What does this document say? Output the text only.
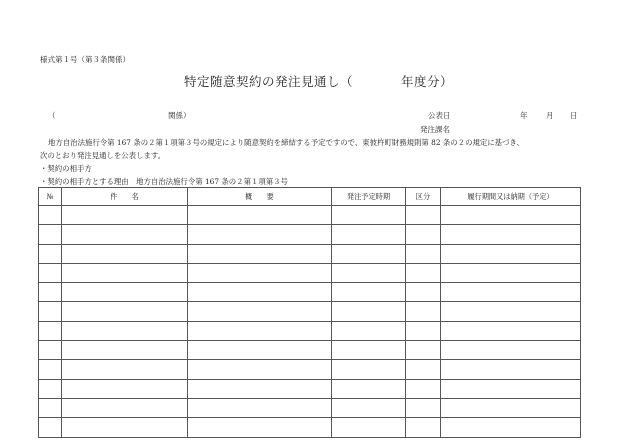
様式第１号（第３条関係）
特定随意契約の発注見通し（	年度分）
（	関係）	公表日	年 月 日
発注課名
地方自治法施行令第 167 条の２第１項第３号の規定により随意契約を締結する予定ですので、東彼杵町財務規則第 82 条の２の規定に基づき、
次のとおり発注見通しを公表します。
・契約の相手方
・契約の相手方とする理由　地方自治法施行令第 167 条の２第１項第３号
№	件　　名	概　　要	発注予定時期	区分	履行期間又は納期（予定）
